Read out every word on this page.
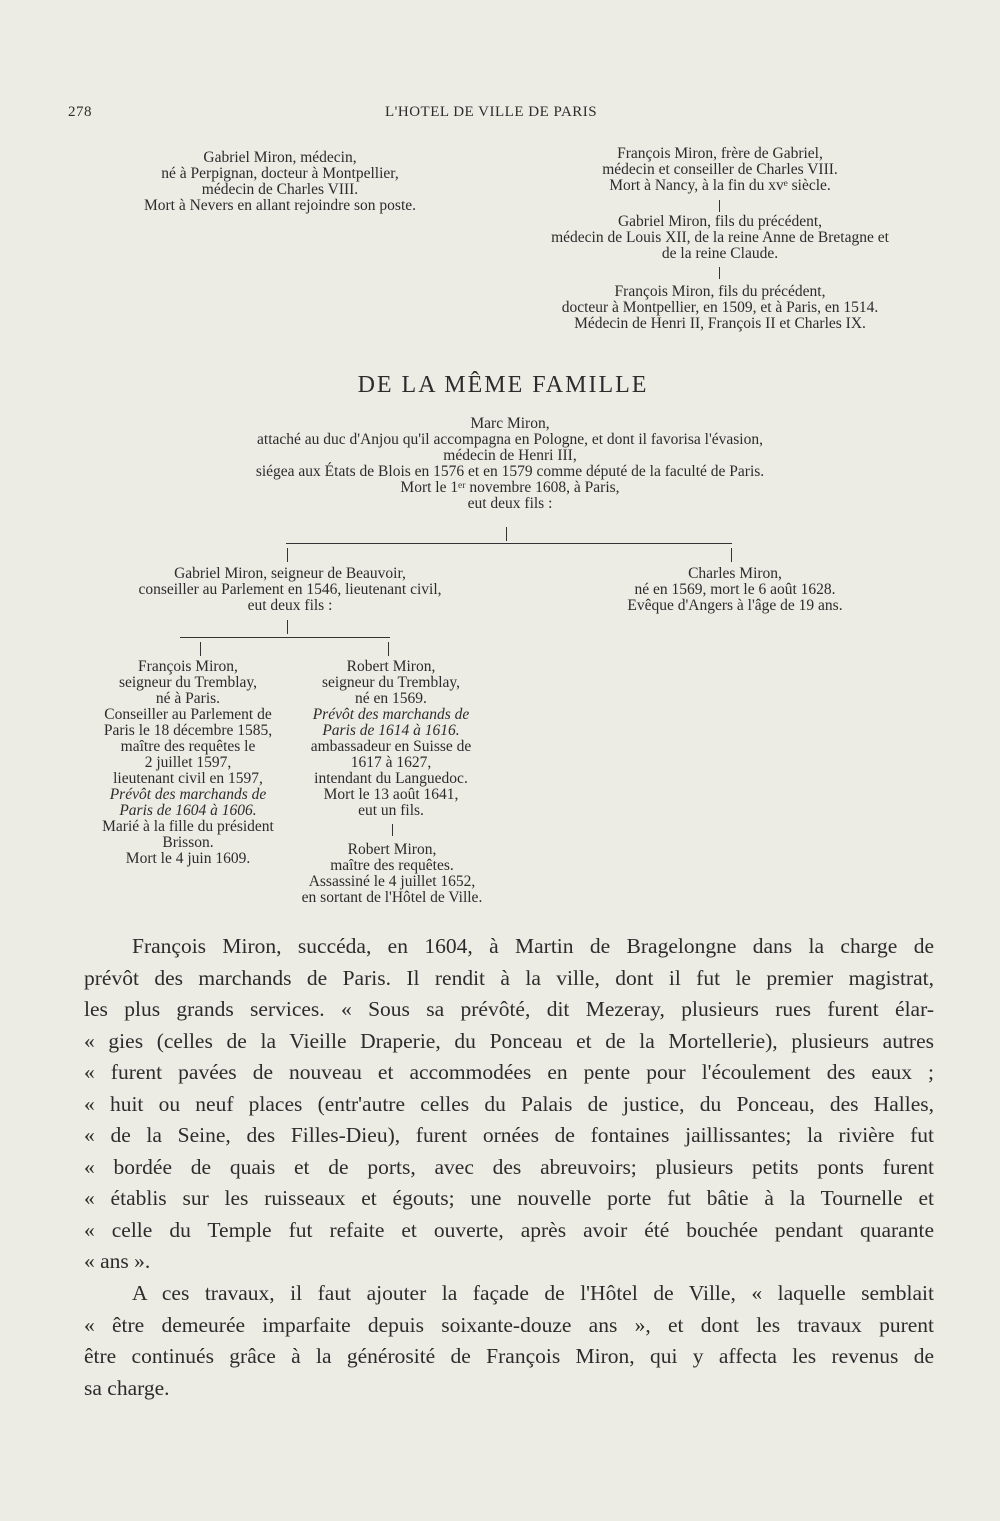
278	L'HOTEL DE VILLE DE PARIS
Gabriel Miron, médecin,
né à Perpignan, docteur à Montpellier,
médecin de Charles VIII.
Mort à Nevers en allant rejoindre son poste.
François Miron, frère de Gabriel,
médecin et conseiller de Charles VIII.
Mort à Nancy, à la fin du xvᵉ siècle.
Gabriel Miron, fils du précédent,
médecin de Louis XII, de la reine Anne de Bretagne et
de la reine Claude.
François Miron, fils du précédent,
docteur à Montpellier, en 1509, et à Paris, en 1514.
Médecin de Henri II, François II et Charles IX.
DE LA MÊME FAMILLE
Marc Miron,
attaché au duc d'Anjou qu'il accompagna en Pologne, et dont il favorisa l'évasion,
médecin de Henri III,
siégea aux États de Blois en 1576 et en 1579 comme député de la faculté de Paris.
Mort le 1ᵉʳ novembre 1608, à Paris,
eut deux fils :
Gabriel Miron, seigneur de Beauvoir,
conseiller au Parlement en 1546, lieutenant civil,
eut deux fils :
Charles Miron,
né en 1569, mort le 6 août 1628.
Evêque d'Angers à l'âge de 19 ans.
François Miron,
seigneur du Tremblay,
né à Paris.
Conseiller au Parlement de
Paris le 18 décembre 1585,
maître des requêtes le
2 juillet 1597,
lieutenant civil en 1597,
Prévôt des marchands de
Paris de 1604 à 1606.
Marié à la fille du président
Brisson.
Mort le 4 juin 1609.
Robert Miron,
seigneur du Tremblay,
né en 1569.
Prévôt des marchands de
Paris de 1614 à 1616.
ambassadeur en Suisse de
1617 à 1627,
intendant du Languedoc.
Mort le 13 août 1641,
eut un fils.
Robert Miron,
maître des requêtes.
Assassiné le 4 juillet 1652,
en sortant de l'Hôtel de Ville.
François Miron, succéda, en 1604, à Martin de Bragelongne dans la charge de
prévôt des marchands de Paris. Il rendit à la ville, dont il fut le premier magistrat,
les plus grands services. « Sous sa prévôté, dit Mezeray, plusieurs rues furent élar-
« gies (celles de la Vieille Draperie, du Ponceau et de la Mortellerie), plusieurs autres
« furent pavées de nouveau et accommodées en pente pour l'écoulement des eaux ;
« huit ou neuf places (entr'autre celles du Palais de justice, du Ponceau, des Halles,
« de la Seine, des Filles-Dieu), furent ornées de fontaines jaillissantes; la rivière fut
« bordée de quais et de ports, avec des abreuvoirs; plusieurs petits ponts furent
« établis sur les ruisseaux et égouts; une nouvelle porte fut bâtie à la Tournelle et
« celle du Temple fut refaite et ouverte, après avoir été bouchée pendant quarante
« ans ».
A ces travaux, il faut ajouter la façade de l'Hôtel de Ville, « laquelle semblait
« être demeurée imparfaite depuis soixante-douze ans », et dont les travaux purent
être continués grâce à la générosité de François Miron, qui y affecta les revenus de
sa charge.
